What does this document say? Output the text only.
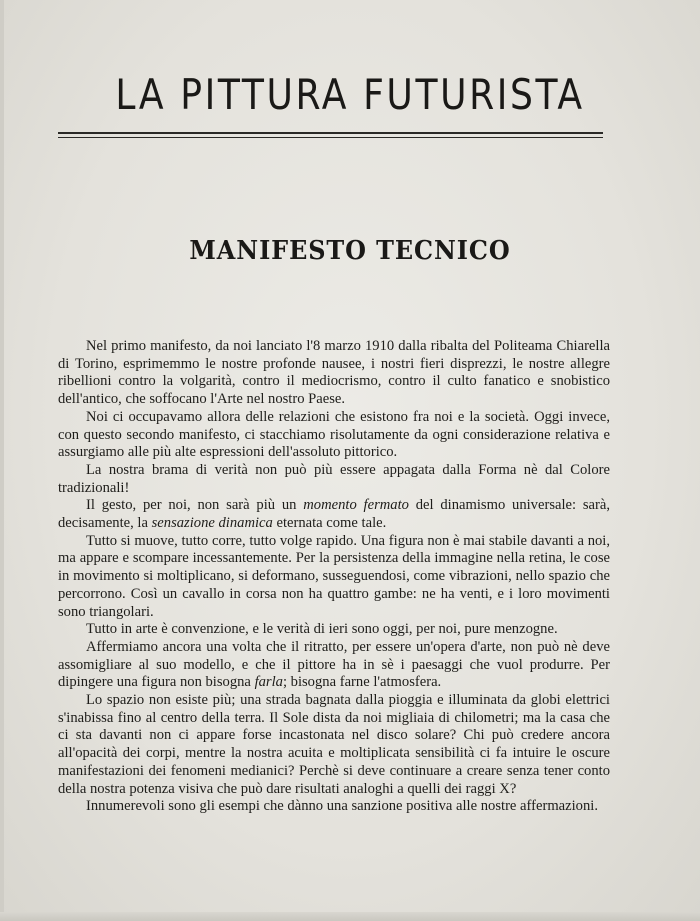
LA PITTURA FUTURISTA
MANIFESTO TECNICO

Nel primo manifesto, da noi lanciato l'8 marzo 1910 dalla ribalta del Politeama Chiarella di Torino, esprimemmo le nostre profonde nausee, i nostri fieri disprezzi, le nostre allegre ribellioni contro la volgarità, contro il mediocrismo, contro il culto fanatico e snobistico dell'antico, che soffocano l'Arte nel nostro Paese.

Noi ci occupavamo allora delle relazioni che esistono fra noi e la società. Oggi invece, con questo secondo manifesto, ci stacchiamo risolutamente da ogni considerazione relativa e assurgiamo alle più alte espressioni dell'assoluto pittorico.

La nostra brama di verità non può più essere appagata dalla Forma nè dal Colore tradizionali!

Il gesto, per noi, non sarà più un momento fermato del dinamismo universale: sarà, decisamente, la sensazione dinamica eternata come tale.

Tutto si muove, tutto corre, tutto volge rapido. Una figura non è mai stabile davanti a noi, ma appare e scompare incessantemente. Per la persistenza della immagine nella retina, le cose in movimento si moltiplicano, si deformano, susseguendosi, come vibrazioni, nello spazio che percorrono. Così un cavallo in corsa non ha quattro gambe: ne ha venti, e i loro movimenti sono triangolari.

Tutto in arte è convenzione, e le verità di ieri sono oggi, per noi, pure menzogne.

Affermiamo ancora una volta che il ritratto, per essere un'opera d'arte, non può nè deve assomigliare al suo modello, e che il pittore ha in sè i paesaggi che vuol produrre. Per dipingere una figura non bisogna farla; bisogna farne l'atmosfera.

Lo spazio non esiste più; una strada bagnata dalla pioggia e illuminata da globi elettrici s'inabissa fino al centro della terra. Il Sole dista da noi migliaia di chilometri; ma la casa che ci sta davanti non ci appare forse incastonata nel disco solare? Chi può credere ancora all'opacità dei corpi, mentre la nostra acuita e moltiplicata sensibilità ci fa intuire le oscure manifestazioni dei fenomeni medianici? Perchè si deve continuare a creare senza tener conto della nostra potenza visiva che può dare risultati analoghi a quelli dei raggi X?

Innumerevoli sono gli esempi che dànno una sanzione positiva alle nostre affermazioni.
